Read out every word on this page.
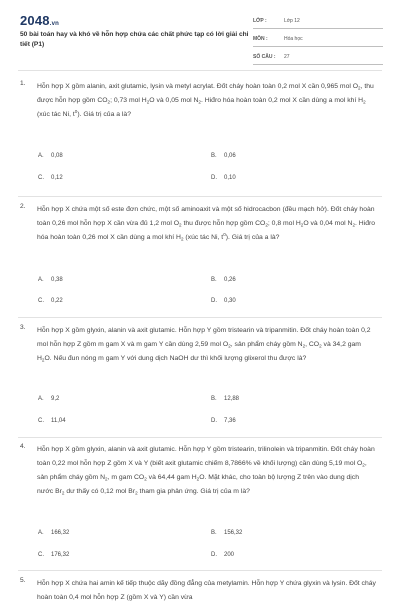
2048.vn
50 bài toán hay và khó về hỗn hợp chứa các chất phức tạp có lời giải chi tiết (P1)
LỚP :	Lớp 12
MÔN :	Hóa học
SỐ CÂU : 27
1. Hỗn hợp X gồm alanin, axit glutamic, lysin và metyl acrylat. Đốt cháy hoàn toàn 0,2 mol X cần 0,965 mol $O_2$, thu được hỗn hợp gồm $CO_2$; 0,73 mol $H_2O$ và 0,05 mol $N_2$. Hiđro hóa hoàn toàn 0,2 mol X cần dùng a mol khí $H_2$ (xúc tác Ni, $t^0$). Giá trị của a là?
A. 0,08	B. 0,06
C. 0,12	D. 0,10
2. Hỗn hợp X chứa một số este đơn chức, một số aminoaxit và một số hidrocacbon (đều mạch hở). Đốt cháy hoàn toàn 0,26 mol hỗn hợp X cần vừa đủ 1,2 mol $O_2$ thu được hỗn hợp gồm $CO_2$; 0,8 mol $H_2O$ và 0,04 mol $N_2$. Hiđro hóa hoàn toàn 0,26 mol X cần dùng a mol khí $H_2$ (xúc tác Ni, $t^0$). Giá trị của a là?
A. 0,38	B. 0,26
C. 0,22	D. 0,30
3. Hỗn hợp X gồm glyxin, alanin và axit glutamic. Hỗn hợp Y gồm tristearin và tripanmitin. Đốt cháy hoàn toàn 0,2 mol hỗn hợp Z gồm m gam X và m gam Y cần dùng 2,59 mol $O_2$, sản phẩm cháy gồm $N_2$, $CO_2$ và 34,2 gam $H_2O$. Nếu đun nóng m gam Y với dung dịch NaOH dư thì khối lượng glixerol thu được là?
A. 9,2	B. 12,88
C. 11,04	D. 7,36
4. Hỗn hợp X gồm glyxin, alanin và axit glutamic. Hỗn hợp Y gồm tristearin, trilinolein và tripanmitin. Đốt cháy hoàn toàn 0,22 mol hỗn hợp Z gồm X và Y (biết axit glutamic chiếm 8,7866% về khối lượng) cần dùng 5,19 mol $O_2$, sản phẩm cháy gồm $N_2$, m gam $CO_2$ và 64,44 gam $H_2O$. Mặt khác, cho toàn bộ lượng Z trên vào dung dịch nước $Br_2$ dư thấy có 0,12 mol $Br_2$ tham gia phản ứng. Giá trị của m là?
A. 166,32	B. 156,32
C. 176,32	D. 200
5. Hỗn hợp X chứa hai amin kế tiếp thuộc dãy đồng đẳng của metylamin. Hỗn hợp Y chứa glyxin và lysin. Đốt cháy hoàn toàn 0,4 mol hỗn hợp Z (gồm X và Y) cần vừa
